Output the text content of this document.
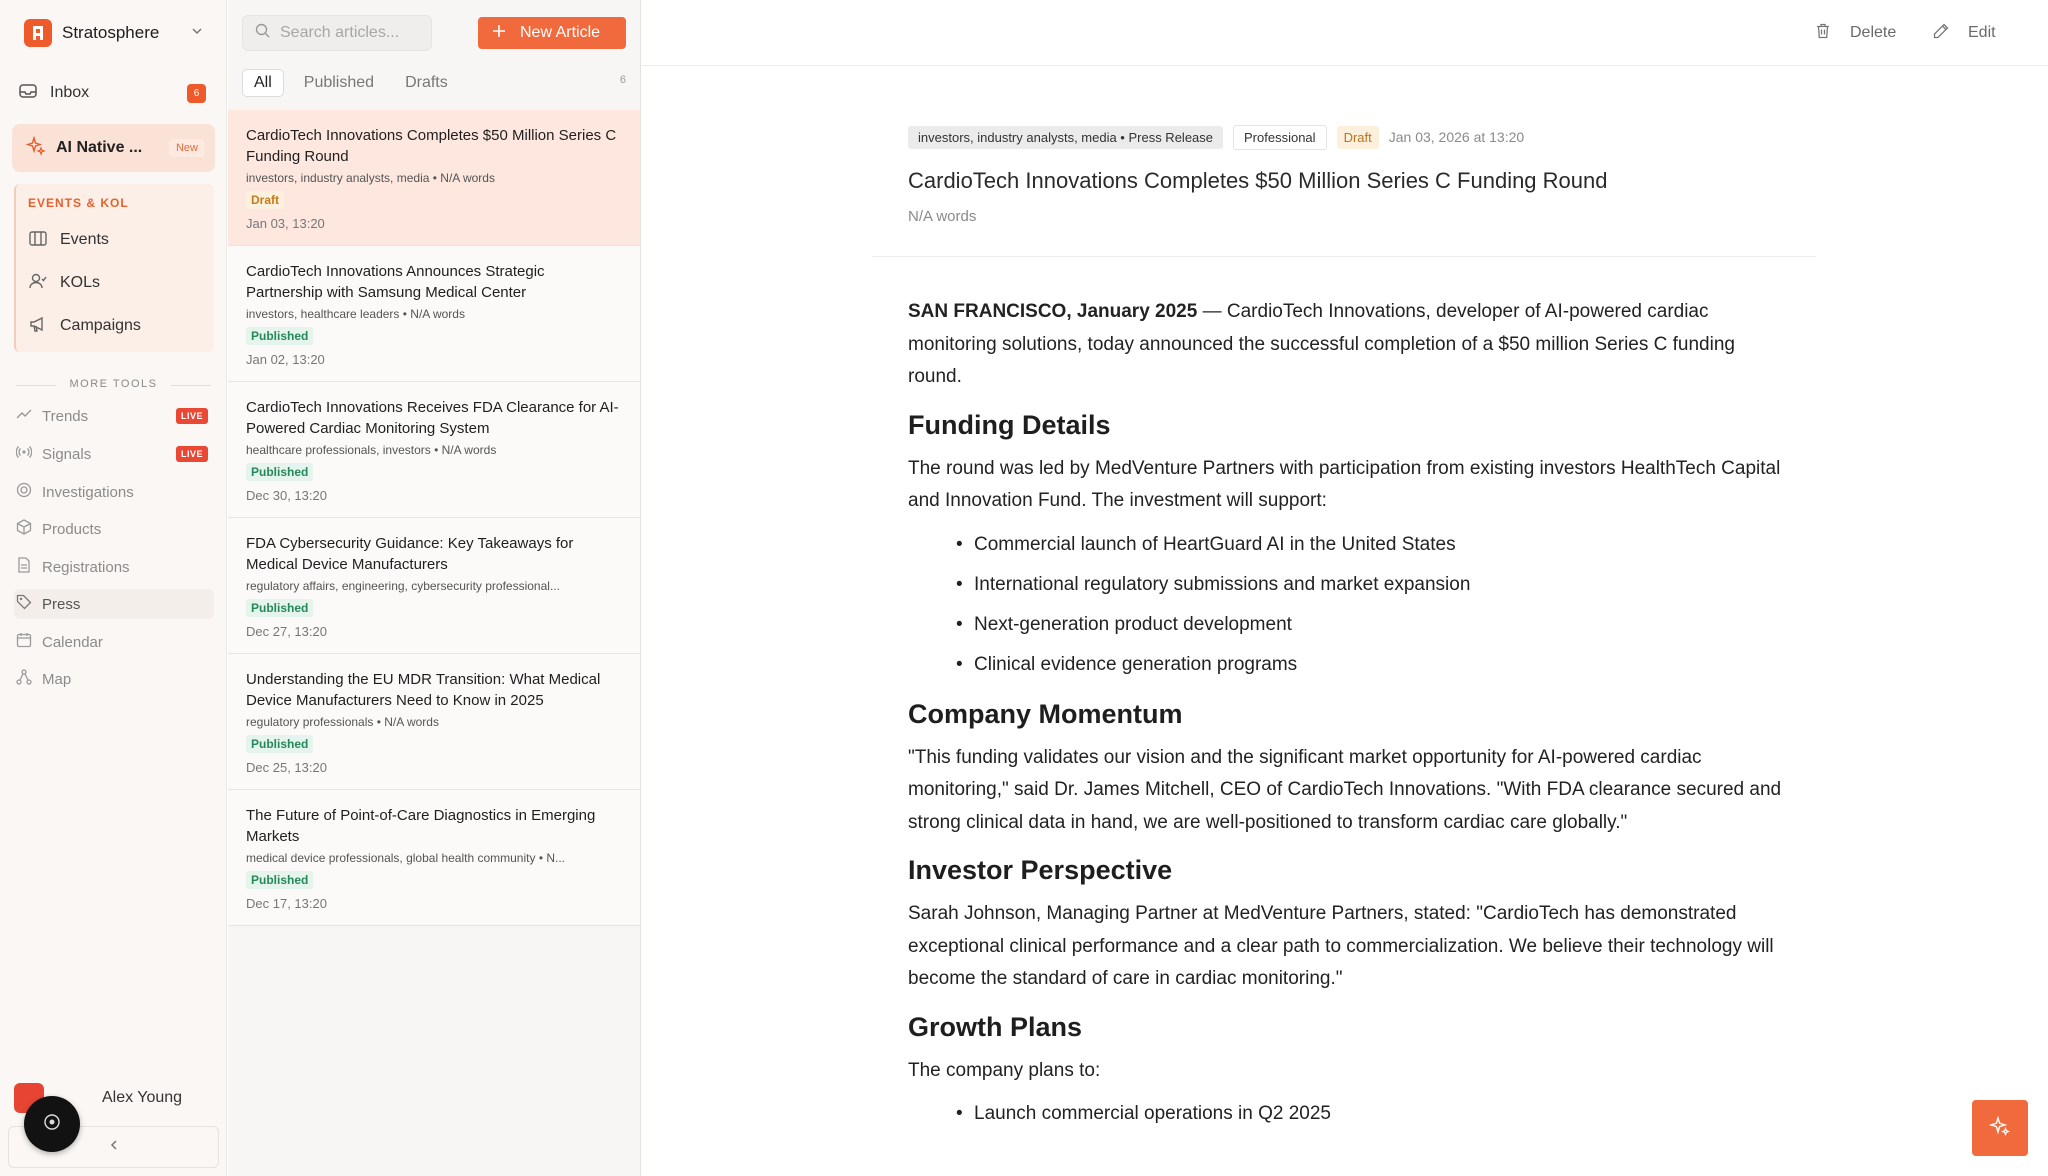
Stratosphere
Inbox	6
AI Native ...	New
EVENTS & KOL
Events
KOLs
Campaigns
MORE TOOLS
Trends	LIVE
Signals	LIVE
Investigations
Products
Registrations
Press
Calendar
Map
Alex Young
Search articles...
New Article
All	Published	Drafts	6
CardioTech Innovations Completes $50 Million Series C Funding Round
investors, industry analysts, media • N/A words
Draft
Jan 03, 13:20
CardioTech Innovations Announces Strategic Partnership with Samsung Medical Center
investors, healthcare leaders • N/A words
Published
Jan 02, 13:20
CardioTech Innovations Receives FDA Clearance for AI-Powered Cardiac Monitoring System
healthcare professionals, investors • N/A words
Published
Dec 30, 13:20
FDA Cybersecurity Guidance: Key Takeaways for Medical Device Manufacturers
regulatory affairs, engineering, cybersecurity professional...
Published
Dec 27, 13:20
Understanding the EU MDR Transition: What Medical Device Manufacturers Need to Know in 2025
regulatory professionals • N/A words
Published
Dec 25, 13:20
The Future of Point-of-Care Diagnostics in Emerging Markets
medical device professionals, global health community • N...
Published
Dec 17, 13:20
Delete	Edit
investors, industry analysts, media • Press Release	Professional	Draft	Jan 03, 2026 at 13:20
CardioTech Innovations Completes $50 Million Series C Funding Round
N/A words

SAN FRANCISCO, January 2025 — CardioTech Innovations, developer of AI-powered cardiac monitoring solutions, today announced the successful completion of a $50 million Series C funding round.

Funding Details

The round was led by MedVenture Partners with participation from existing investors HealthTech Capital and Innovation Fund. The investment will support:

• Commercial launch of HeartGuard AI in the United States
• International regulatory submissions and market expansion
• Next-generation product development
• Clinical evidence generation programs
Company Momentum

"This funding validates our vision and the significant market opportunity for AI-powered cardiac monitoring," said Dr. James Mitchell, CEO of CardioTech Innovations. "With FDA clearance secured and strong clinical data in hand, we are well-positioned to transform cardiac care globally."

Investor Perspective

Sarah Johnson, Managing Partner at MedVenture Partners, stated: "CardioTech has demonstrated exceptional clinical performance and a clear path to commercialization. We believe their technology will become the standard of care in cardiac monitoring."

Growth Plans

The company plans to:

• Launch commercial operations in Q2 2025
